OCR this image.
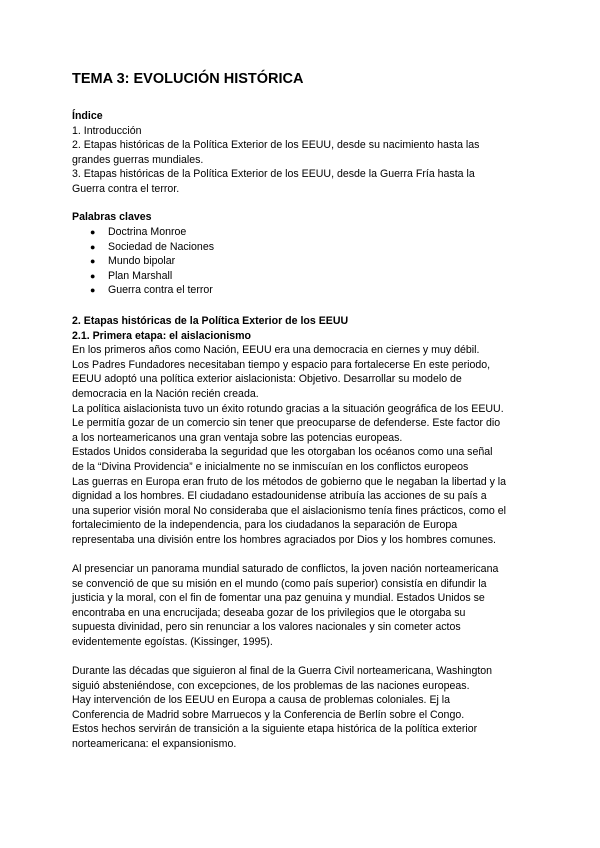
TEMA 3: EVOLUCIÓN HISTÓRICA
Índice
1. Introducción
2. Etapas históricas de la Política Exterior de los EEUU, desde su nacimiento hasta las
grandes guerras mundiales.
3. Etapas históricas de la Política Exterior de los EEUU, desde la Guerra Fría hasta la
Guerra contra el terror.
Palabras claves
● Doctrina Monroe
● Sociedad de Naciones
● Mundo bipolar
● Plan Marshall
● Guerra contra el terror
2. Etapas históricas de la Política Exterior de los EEUU
2.1. Primera etapa: el aislacionismo
En los primeros años como Nación, EEUU era una democracia en ciernes y muy débil.
Los Padres Fundadores necesitaban tiempo y espacio para fortalecerse En este periodo,
EEUU adoptó una política exterior aislacionista: Objetivo. Desarrollar su modelo de
democracia en la Nación recién creada.
La política aislacionista tuvo un éxito rotundo gracias a la situación geográfica de los EEUU.
Le permitía gozar de un comercio sin tener que preocuparse de defenderse. Este factor dio
a los norteamericanos una gran ventaja sobre las potencias europeas.
Estados Unidos consideraba la seguridad que les otorgaban los océanos como una señal
de la “Divina Providencia” e inicialmente no se inmiscuían en los conflictos europeos
Las guerras en Europa eran fruto de los métodos de gobierno que le negaban la libertad y la
dignidad a los hombres. El ciudadano estadounidense atribuía las acciones de su país a
una superior visión moral No consideraba que el aislacionismo tenía fines prácticos, como el
fortalecimiento de la independencia, para los ciudadanos la separación de Europa
representaba una división entre los hombres agraciados por Dios y los hombres comunes.
Al presenciar un panorama mundial saturado de conflictos, la joven nación norteamericana
se convenció de que su misión en el mundo (como país superior) consistía en difundir la
justicia y la moral, con el fin de fomentar una paz genuina y mundial. Estados Unidos se
encontraba en una encrucijada; deseaba gozar de los privilegios que le otorgaba su
supuesta divinidad, pero sin renunciar a los valores nacionales y sin cometer actos
evidentemente egoístas. (Kissinger, 1995).
Durante las décadas que siguieron al final de la Guerra Civil norteamericana, Washington
siguió absteniéndose, con excepciones, de los problemas de las naciones europeas.
Hay intervención de los EEUU en Europa a causa de problemas coloniales. Ej la
Conferencia de Madrid sobre Marruecos y la Conferencia de Berlín sobre el Congo.
Estos hechos servirán de transición a la siguiente etapa histórica de la política exterior
norteamericana: el expansionismo.
